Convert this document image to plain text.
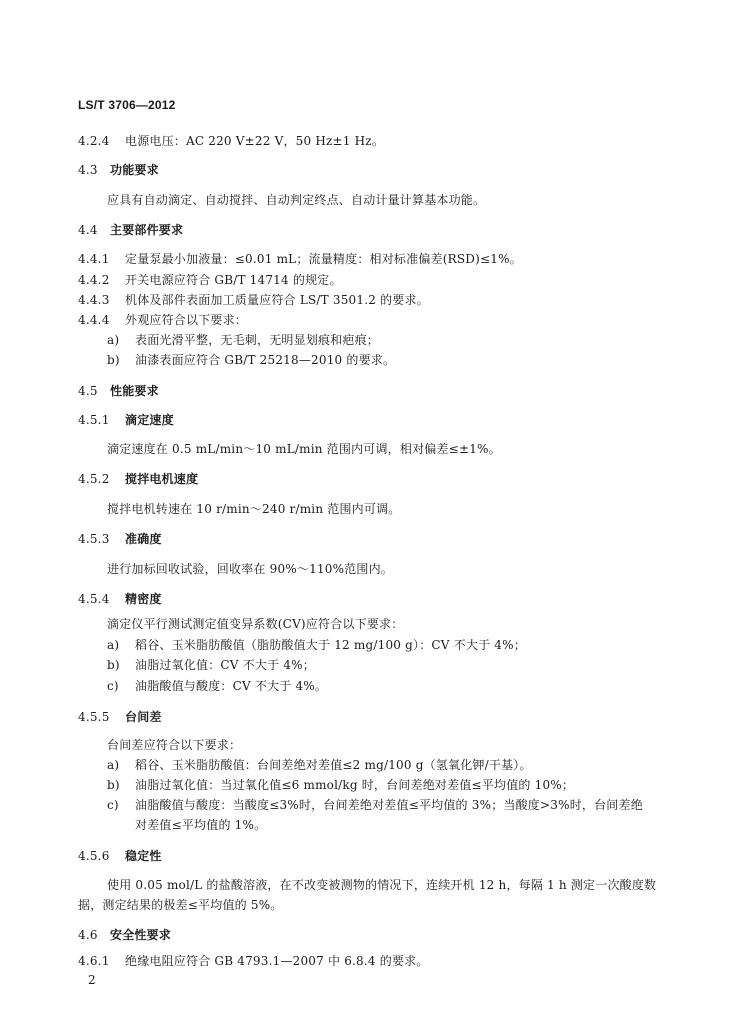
LS/T 3706—2012
4.2.4 电源电压：AC 220 V±22 V，50 Hz±1 Hz。
4.3 功能要求
应具有自动滴定、自动搅拌、自动判定终点、自动计量计算基本功能。
4.4 主要部件要求
4.4.1 定量泵最小加液量：≤0.01 mL；流量精度：相对标准偏差(RSD)≤1%。
4.4.2 开关电源应符合 GB/T 14714 的规定。
4.4.3 机体及部件表面加工质量应符合 LS/T 3501.2 的要求。
4.4.4 外观应符合以下要求：
a) 表面光滑平整，无毛刺，无明显划痕和疤痕；
b) 油漆表面应符合 GB/T 25218—2010 的要求。
4.5 性能要求
4.5.1 滴定速度
滴定速度在 0.5 mL/min～10 mL/min 范围内可调，相对偏差≤±1%。
4.5.2 搅拌电机速度
搅拌电机转速在 10 r/min～240 r/min 范围内可调。
4.5.3 准确度
进行加标回收试验，回收率在 90%～110%范围内。
4.5.4 精密度
滴定仪平行测试测定值变异系数(CV)应符合以下要求：
a) 稻谷、玉米脂肪酸值（脂肪酸值大于 12 mg/100 g）：CV 不大于 4%；
b) 油脂过氧化值：CV 不大于 4%；
c) 油脂酸值与酸度：CV 不大于 4%。
4.5.5 台间差
台间差应符合以下要求：
a) 稻谷、玉米脂肪酸值：台间差绝对差值≤2 mg/100 g（氢氧化钾/干基）。
b) 油脂过氧化值：当过氧化值≤6 mmol/kg 时，台间差绝对差值≤平均值的 10%；
c) 油脂酸值与酸度：当酸度≤3%时，台间差绝对差值≤平均值的 3%；当酸度>3%时，台间差绝
对差值≤平均值的 1%。
4.5.6 稳定性
使用 0.05 mol/L 的盐酸溶液，在不改变被测物的情况下，连续开机 12 h，每隔 1 h 测定一次酸度数
据，测定结果的极差≤平均值的 5%。
4.6 安全性要求
4.6.1 绝缘电阻应符合 GB 4793.1—2007 中 6.8.4 的要求。
2
